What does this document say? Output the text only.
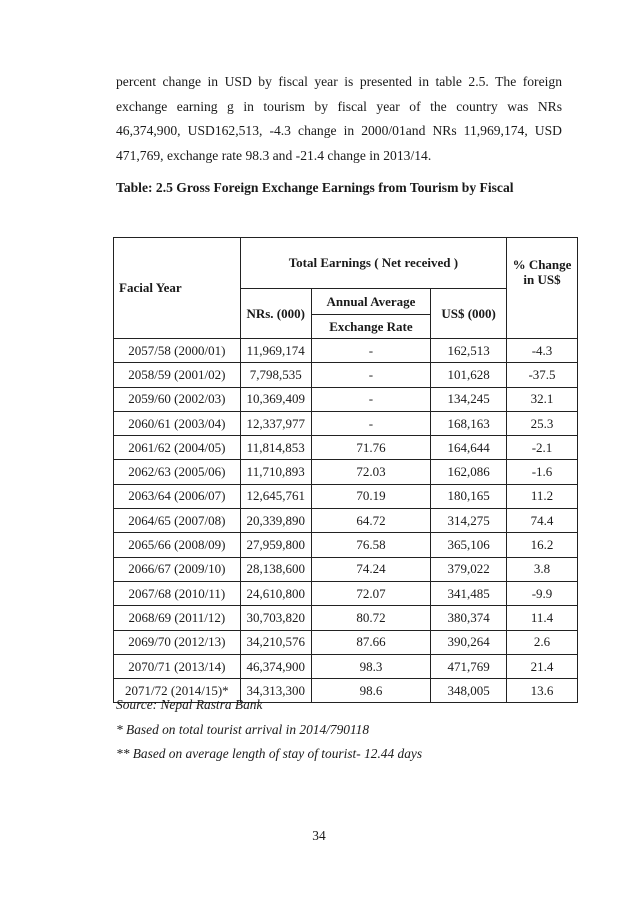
percent change in USD by fiscal year is presented in table 2.5. The foreign
exchange earning g in tourism by fiscal year of the country was NRs
46,374,900, USD162,513, -4.3 change in 2000/01and NRs 11,969,174, USD
471,769, exchange rate 98.3 and -21.4 change in 2013/14.
Table: 2.5 Gross Foreign Exchange Earnings from Tourism by Fiscal
Facial Year	Total Earnings ( Net received )			% Change
in US$
	NRs. (000)	Annual Average	US$ (000)	
		Exchange Rate		
2057/58 (2000/01)	11,969,174	-	162,513	-4.3
2058/59 (2001/02)	7,798,535	-	101,628	-37.5
2059/60 (2002/03)	10,369,409	-	134,245	32.1
2060/61 (2003/04)	12,337,977	-	168,163	25.3
2061/62 (2004/05)	11,814,853	71.76	164,644	-2.1
2062/63 (2005/06)	11,710,893	72.03	162,086	-1.6
2063/64 (2006/07)	12,645,761	70.19	180,165	11.2
2064/65 (2007/08)	20,339,890	64.72	314,275	74.4
2065/66 (2008/09)	27,959,800	76.58	365,106	16.2
2066/67 (2009/10)	28,138,600	74.24	379,022	3.8
2067/68 (2010/11)	24,610,800	72.07	341,485	-9.9
2068/69 (2011/12)	30,703,820	80.72	380,374	11.4
2069/70 (2012/13)	34,210,576	87.66	390,264	2.6
2070/71 (2013/14)	46,374,900	98.3	471,769	21.4
2071/72 (2014/15)*	34,313,300	98.6	348,005	13.6
Source: Nepal Rastra Bank
* Based on total tourist arrival in 2014/790118
** Based on average length of stay of tourist- 12.44 days
34
